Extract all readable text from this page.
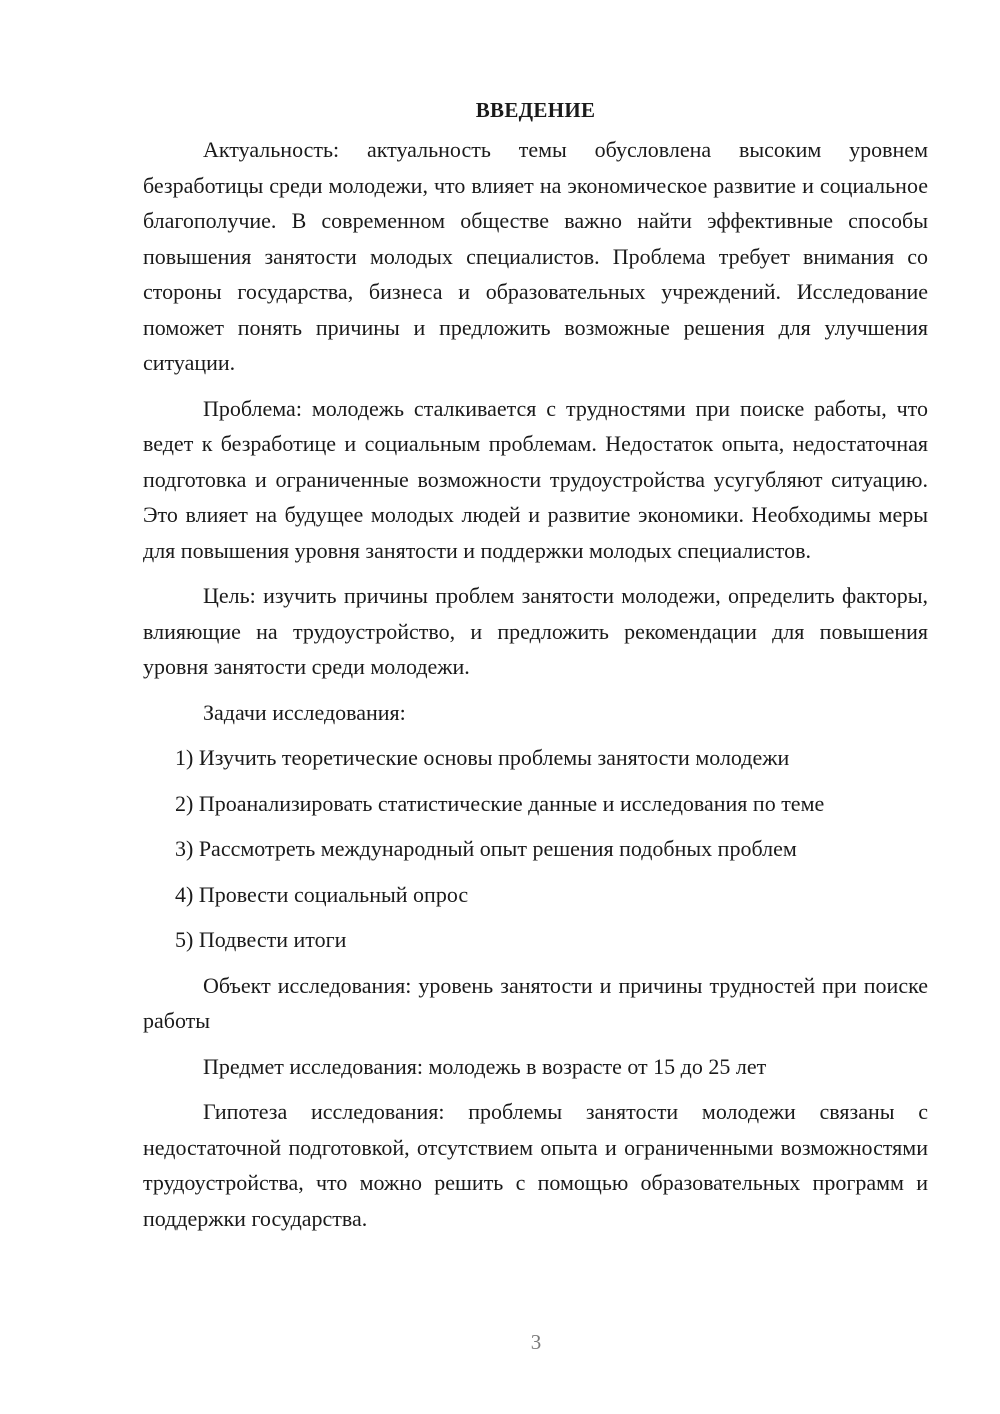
ВВЕДЕНИЕ

Актуальность: актуальность темы обусловлена высоким уровнем безработицы среди молодежи, что влияет на экономическое развитие и социальное благополучие. В современном обществе важно найти эффективные способы повышения занятости молодых специалистов. Проблема требует внимания со стороны государства, бизнеса и образовательных учреждений. Исследование поможет понять причины и предложить возможные решения для улучшения ситуации.

Проблема: молодежь сталкивается с трудностями при поиске работы, что ведет к безработице и социальным проблемам. Недостаток опыта, недостаточная подготовка и ограниченные возможности трудоустройства усугубляют ситуацию. Это влияет на будущее молодых людей и развитие экономики. Необходимы меры для повышения уровня занятости и поддержки молодых специалистов.

Цель: изучить причины проблем занятости молодежи, определить факторы, влияющие на трудоустройство, и предложить рекомендации для повышения уровня занятости среди молодежи.

Задачи исследования:

1) Изучить теоретические основы проблемы занятости молодежи
2) Проанализировать статистические данные и исследования по теме
3) Рассмотреть международный опыт решения подобных проблем
4) Провести социальный опрос
5) Подвести итоги

Объект исследования: уровень занятости и причины трудностей при поиске работы

Предмет исследования: молодежь в возрасте от 15 до 25 лет

Гипотеза исследования: проблемы занятости молодежи связаны с недостаточной подготовкой, отсутствием опыта и ограниченными возможностями трудоустройства, что можно решить с помощью образовательных программ и поддержки государства.

3
